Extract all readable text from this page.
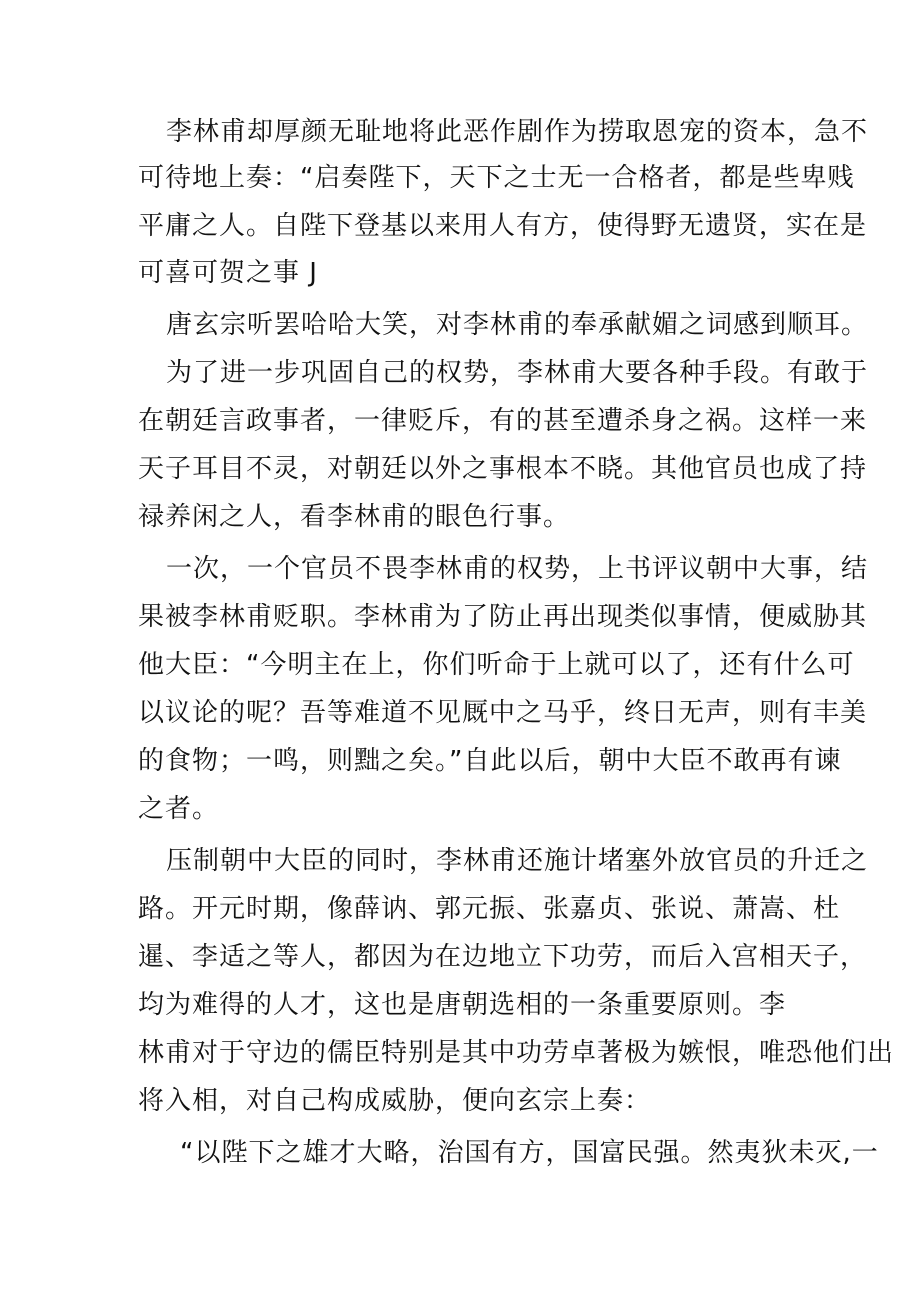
李林甫却厚颜无耻地将此恶作剧作为捞取恩宠的资本，急不
可待地上奏：“启奏陛下，天下之士无一合格者，都是些卑贱
平庸之人。自陛下登基以来用人有方，使得野无遗贤，实在是
可喜可贺之事 J
唐玄宗听罢哈哈大笑，对李林甫的奉承献媚之词感到顺耳。
为了进一步巩固自己的权势，李林甫大要各种手段。有敢于
在朝廷言政事者，一律贬斥，有的甚至遭杀身之祸。这样一来
天子耳目不灵，对朝廷以外之事根本不晓。其他官员也成了持
禄养闲之人，看李林甫的眼色行事。
一次，一个官员不畏李林甫的权势，上书评议朝中大事，结
果被李林甫贬职。李林甫为了防止再出现类似事情，便威胁其
他大臣：“今明主在上，你们听命于上就可以了，还有什么可
以议论的呢？吾等难道不见厩中之马乎，终日无声，则有丰美
的食物；一鸣，则黜之矣。”自此以后，朝中大臣不敢再有谏
之者。
压制朝中大臣的同时，李林甫还施计堵塞外放官员的升迁之
路。开元时期，像薛讷、郭元振、张嘉贞、张说、萧嵩、杜
暹、李适之等人，都因为在边地立下功劳，而后入宫相天子，
均为难得的人才，这也是唐朝选相的一条重要原则。李
林甫对于守边的儒臣特别是其中功劳卓著极为嫉恨，唯恐他们出
将入相，对自己构成威胁，便向玄宗上奏：
“以陛下之雄才大略，治国有方，国富民强。然夷狄未灭,一
